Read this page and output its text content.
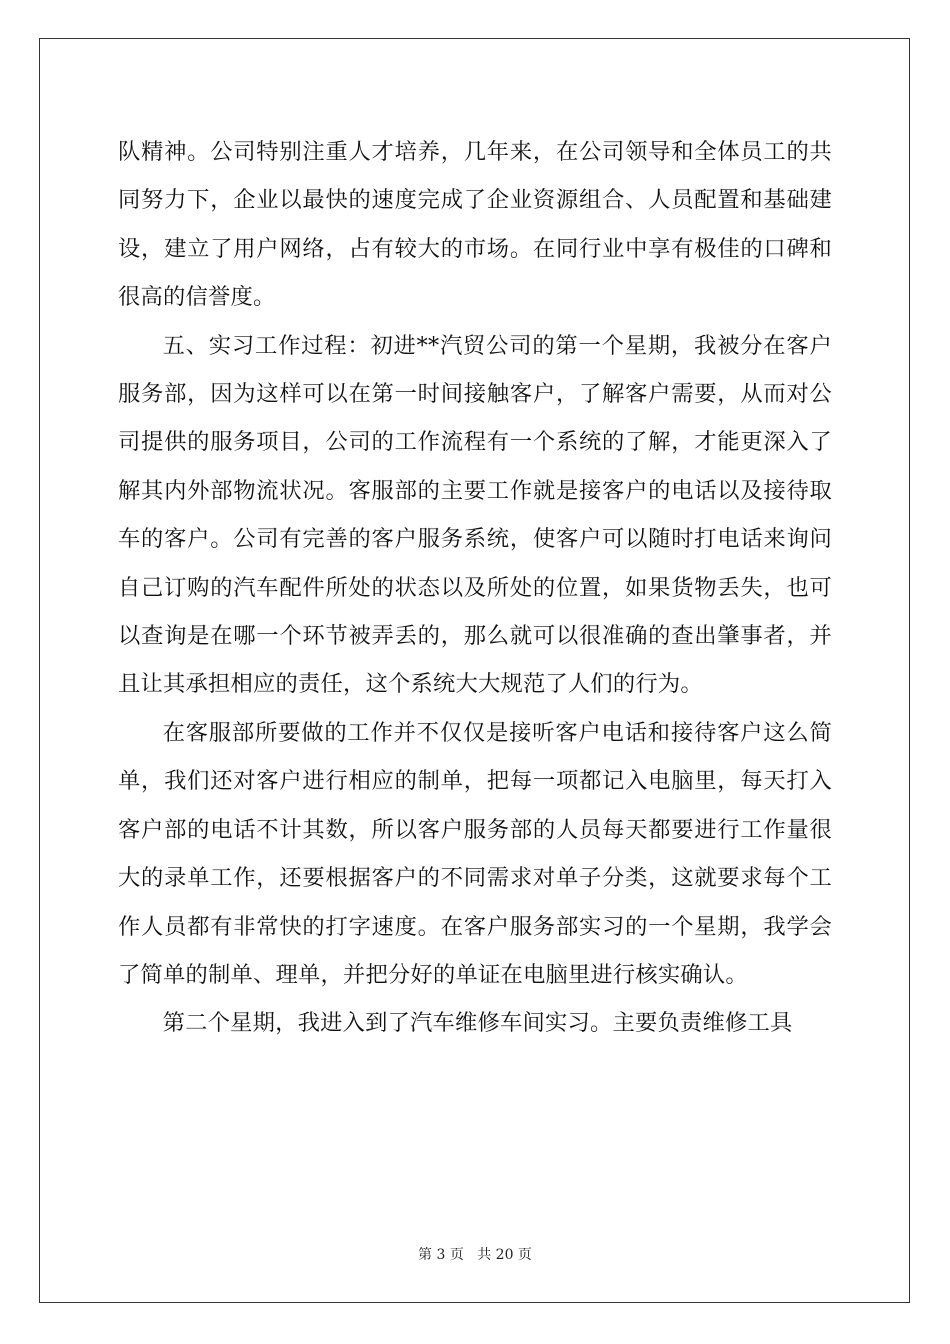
队精神。公司特别注重人才培养，几年来，在公司领导和全体员工的共同努力下，企业以最快的速度完成了企业资源组合、人员配置和基础建设，建立了用户网络，占有较大的市场。在同行业中享有极佳的口碑和很高的信誉度。

五、实习工作过程：初进**汽贸公司的第一个星期，我被分在客户服务部，因为这样可以在第一时间接触客户，了解客户需要，从而对公司提供的服务项目，公司的工作流程有一个系统的了解，才能更深入了解其内外部物流状况。客服部的主要工作就是接客户的电话以及接待取车的客户。公司有完善的客户服务系统，使客户可以随时打电话来询问自己订购的汽车配件所处的状态以及所处的位置，如果货物丢失，也可以查询是在哪一个环节被弄丢的，那么就可以很准确的查出肇事者，并且让其承担相应的责任，这个系统大大规范了人们的行为。

在客服部所要做的工作并不仅仅是接听客户电话和接待客户这么简单，我们还对客户进行相应的制单，把每一项都记入电脑里，每天打入客户部的电话不计其数，所以客户服务部的人员每天都要进行工作量很大的录单工作，还要根据客户的不同需求对单子分类，这就要求每个工作人员都有非常快的打字速度。在客户服务部实习的一个星期，我学会了简单的制单、理单，并把分好的单证在电脑里进行核实确认。

第二个星期，我进入到了汽车维修车间实习。主要负责维修工具

第 3 页 共 20 页
